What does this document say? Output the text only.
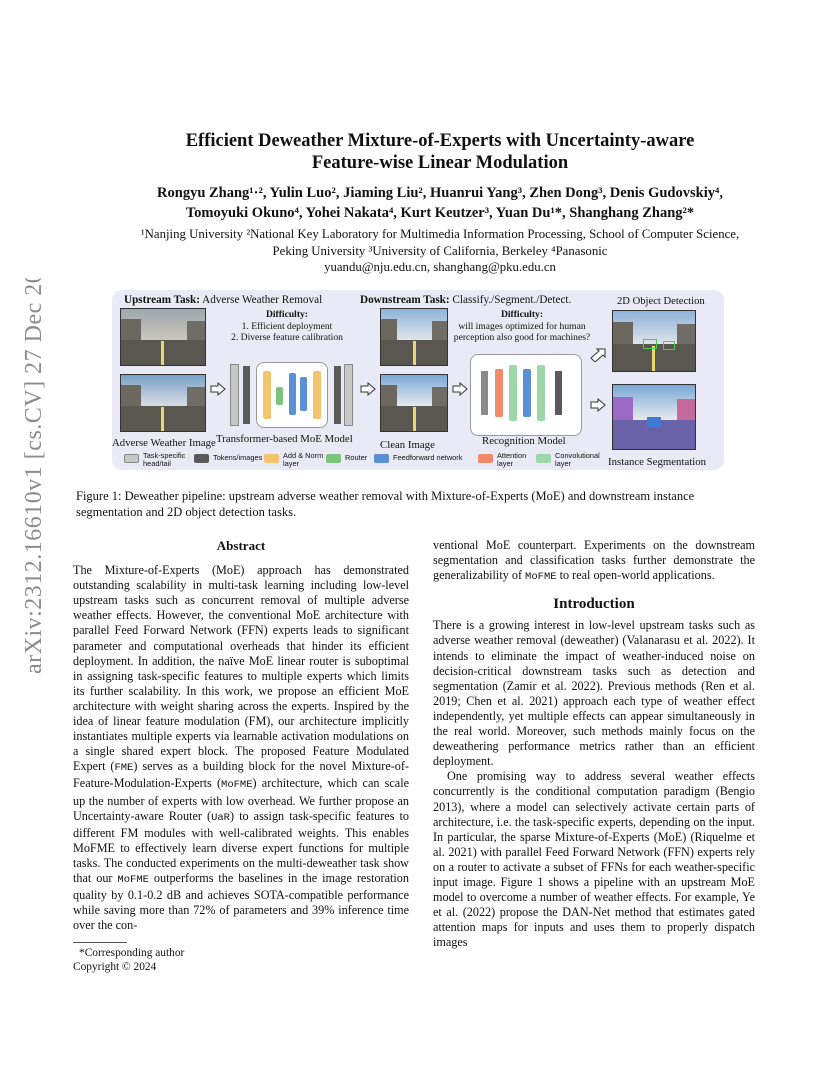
arXiv:2312.16610v1 [cs.CV] 27 Dec 2023
Efficient Deweather Mixture-of-Experts with Uncertainty-aware
Feature-wise Linear Modulation
Rongyu Zhang¹·², Yulin Luo², Jiaming Liu², Huanrui Yang³, Zhen Dong³, Denis Gudovskiy⁴,
Tomoyuki Okuno⁴, Yohei Nakata⁴, Kurt Keutzer³, Yuan Du¹*, Shanghang Zhang²*
¹Nanjing University ²National Key Laboratory for Multimedia Information Processing, School of Computer Science,
Peking University ³University of California, Berkeley ⁴Panasonic
yuandu@nju.edu.cn, shanghang@pku.edu.cn
Upstream Task: Adverse Weather Removal	Downstream Task: Classify./Segment./Detect.	2D Object Detection
Difficulty:
1. Efficient deployment
2. Diverse feature calibration
Difficulty:
will images optimized for human
perception also good for machines?
Adverse Weather Image Transformer-based MoE Model	Clean Image	Recognition Model
Instance Segmentation
Task-specific head/tail
Tokens/images	Add & Norm layer
Router	Feedforward network	Attention layer
Convolutional layer
Figure 1: Deweather pipeline: upstream adverse weather removal with Mixture-of-Experts (MoE) and downstream instance
segmentation and 2D object detection tasks.
Abstract
The Mixture-of-Experts (MoE) approach has demonstrated outstanding scalability in multi-task learning including low-level upstream tasks such as concurrent removal of multiple adverse weather effects. However, the conventional MoE architecture with parallel Feed Forward Network (FFN) experts leads to significant parameter and computational overheads that hinder its efficient deployment. In addition, the naïve MoE linear router is suboptimal in assigning task-specific features to multiple experts which limits its further scalability. In this work, we propose an efficient MoE architecture with weight sharing across the experts. Inspired by the idea of linear feature modulation (FM), our architecture implicitly instantiates multiple experts via learnable activation modulations on a single shared expert block. The proposed Feature Modulated Expert (FME) serves as a building block for the novel Mixture-of-Feature-Modulation-Experts (MoFME) architecture, which can scale up the number of experts with low overhead. We further propose an Uncertainty-aware Router (UaR) to assign task-specific features to different FM modules with well-calibrated weights. This enables MoFME to effectively learn diverse expert functions for multiple tasks. The conducted experiments on the multi-deweather task show that our MoFME outperforms the baselines in the image restoration quality by 0.1-0.2 dB and achieves SOTA-compatible performance while saving more than 72% of parameters and 39% inference time over the con-
*Corresponding author
Copyright © 2024
ventional MoE counterpart. Experiments on the downstream segmentation and classification tasks further demonstrate the generalizability of MoFME to real open-world applications.
Introduction
There is a growing interest in low-level upstream tasks such as adverse weather removal (deweather) (Valanarasu et al. 2022). It intends to eliminate the impact of weather-induced noise on decision-critical downstream tasks such as detection and segmentation (Zamir et al. 2022). Previous methods (Ren et al. 2019; Chen et al. 2021) approach each type of weather effect independently, yet multiple effects can appear simultaneously in the real world. Moreover, such methods mainly focus on the deweathering performance metrics rather than an efficient deployment.
One promising way to address several weather effects concurrently is the conditional computation paradigm (Bengio 2013), where a model can selectively activate certain parts of architecture, i.e. the task-specific experts, depending on the input. In particular, the sparse Mixture-of-Experts (MoE) (Riquelme et al. 2021) with parallel Feed Forward Network (FFN) experts rely on a router to activate a subset of FFNs for each weather-specific input image. Figure 1 shows a pipeline with an upstream MoE model to overcome a number of weather effects. For example, Ye et al. (2022) propose the DAN-Net method that estimates gated attention maps for inputs and uses them to properly dispatch images
